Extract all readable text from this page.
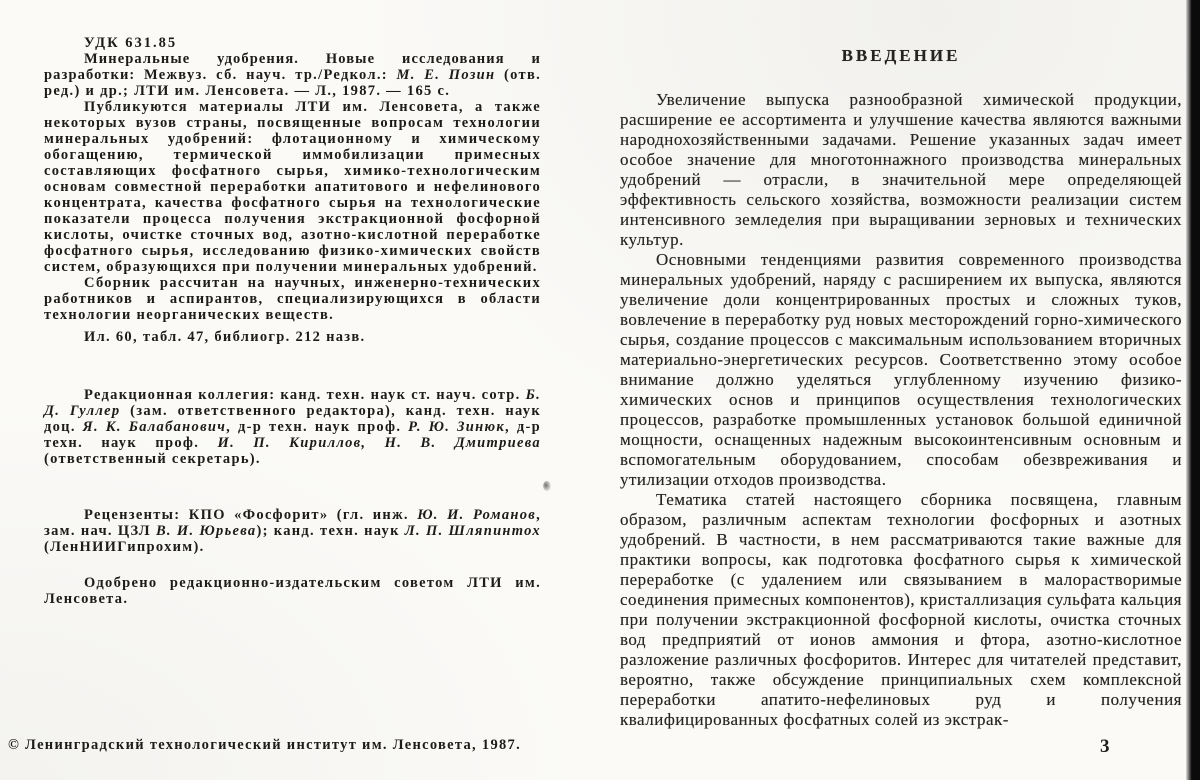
УДК 631.85

Минеральные удобрения. Новые исследования и разработки: Межвуз. сб. науч. тр./Редкол.: М. Е. Позин (отв. ред.) и др.; ЛТИ им. Ленсовета. — Л., 1987. — 165 с.

Публикуются материалы ЛТИ им. Ленсовета, а также некоторых вузов страны, посвященные вопросам технологии минеральных удобрений: флотационному и химическому обогащению, термической иммобилизации примесных составляющих фосфатного сырья, химико-технологическим основам совместной переработки апатитового и нефелинового концентрата, качества фосфатного сырья на технологические показатели процесса получения экстракционной фосфорной кислоты, очистке сточных вод, азотно-кислотной переработке фосфатного сырья, исследованию физико-химических свойств систем, образующихся при получении минеральных удобрений.

Сборник рассчитан на научных, инженерно-технических работников и аспирантов, специализирующихся в области технологии неорганических веществ.

Ил. 60, табл. 47, библиогр. 212 назв.

Редакционная коллегия: канд. техн. наук ст. науч. сотр. Б. Д. Гуллер (зам. ответственного редактора), канд. техн. наук доц. Я. К. Балабанович, д-р техн. наук проф. Р. Ю. Зинюк, д-р техн. наук проф. И. П. Кириллов, Н. В. Дмитриева (ответственный секретарь).

Рецензенты: КПО «Фосфорит» (гл. инж. Ю. И. Романов, зам. нач. ЦЗЛ В. И. Юрьева); канд. техн. наук Л. П. Шляпинтох (ЛенНИИГипрохим).

Одобрено редакционно-издательским советом ЛТИ им. Ленсовета.

© Ленинградский технологический институт им. Ленсовета, 1987.

ВВЕДЕНИЕ

Увеличение выпуска разнообразной химической продукции, расширение ее ассортимента и улучшение качества являются важными народнохозяйственными задачами. Решение указанных задач имеет особое значение для многотоннажного производства минеральных удобрений — отрасли, в значительной мере определяющей эффективность сельского хозяйства, возможности реализации систем интенсивного земледелия при выращивании зерновых и технических культур.

Основными тенденциями развития современного производства минеральных удобрений, наряду с расширением их выпуска, являются увеличение доли концентрированных простых и сложных туков, вовлечение в переработку руд новых месторождений горно-химического сырья, создание процессов с максимальным использованием вторичных материально-энергетических ресурсов. Соответственно этому особое внимание должно уделяться углубленному изучению физико-химических основ и принципов осуществления технологических процессов, разработке промышленных установок большой единичной мощности, оснащенных надежным высокоинтенсивным основным и вспомогательным оборудованием, способам обезвреживания и утилизации отходов производства.

Тематика статей настоящего сборника посвящена, главным образом, различным аспектам технологии фосфорных и азотных удобрений. В частности, в нем рассматриваются такие важные для практики вопросы, как подготовка фосфатного сырья к химической переработке (с удалением или связыванием в малорастворимые соединения примесных компонентов), кристаллизация сульфата кальция при получении экстракционной фосфорной кислоты, очистка сточных вод предприятий от ионов аммония и фтора, азотно-кислотное разложение различных фосфоритов. Интерес для читателей представит, вероятно, также обсуждение принципиальных схем комплексной переработки апатито-нефелиновых руд и получения квалифицированных фосфатных солей из экстрак-

3
